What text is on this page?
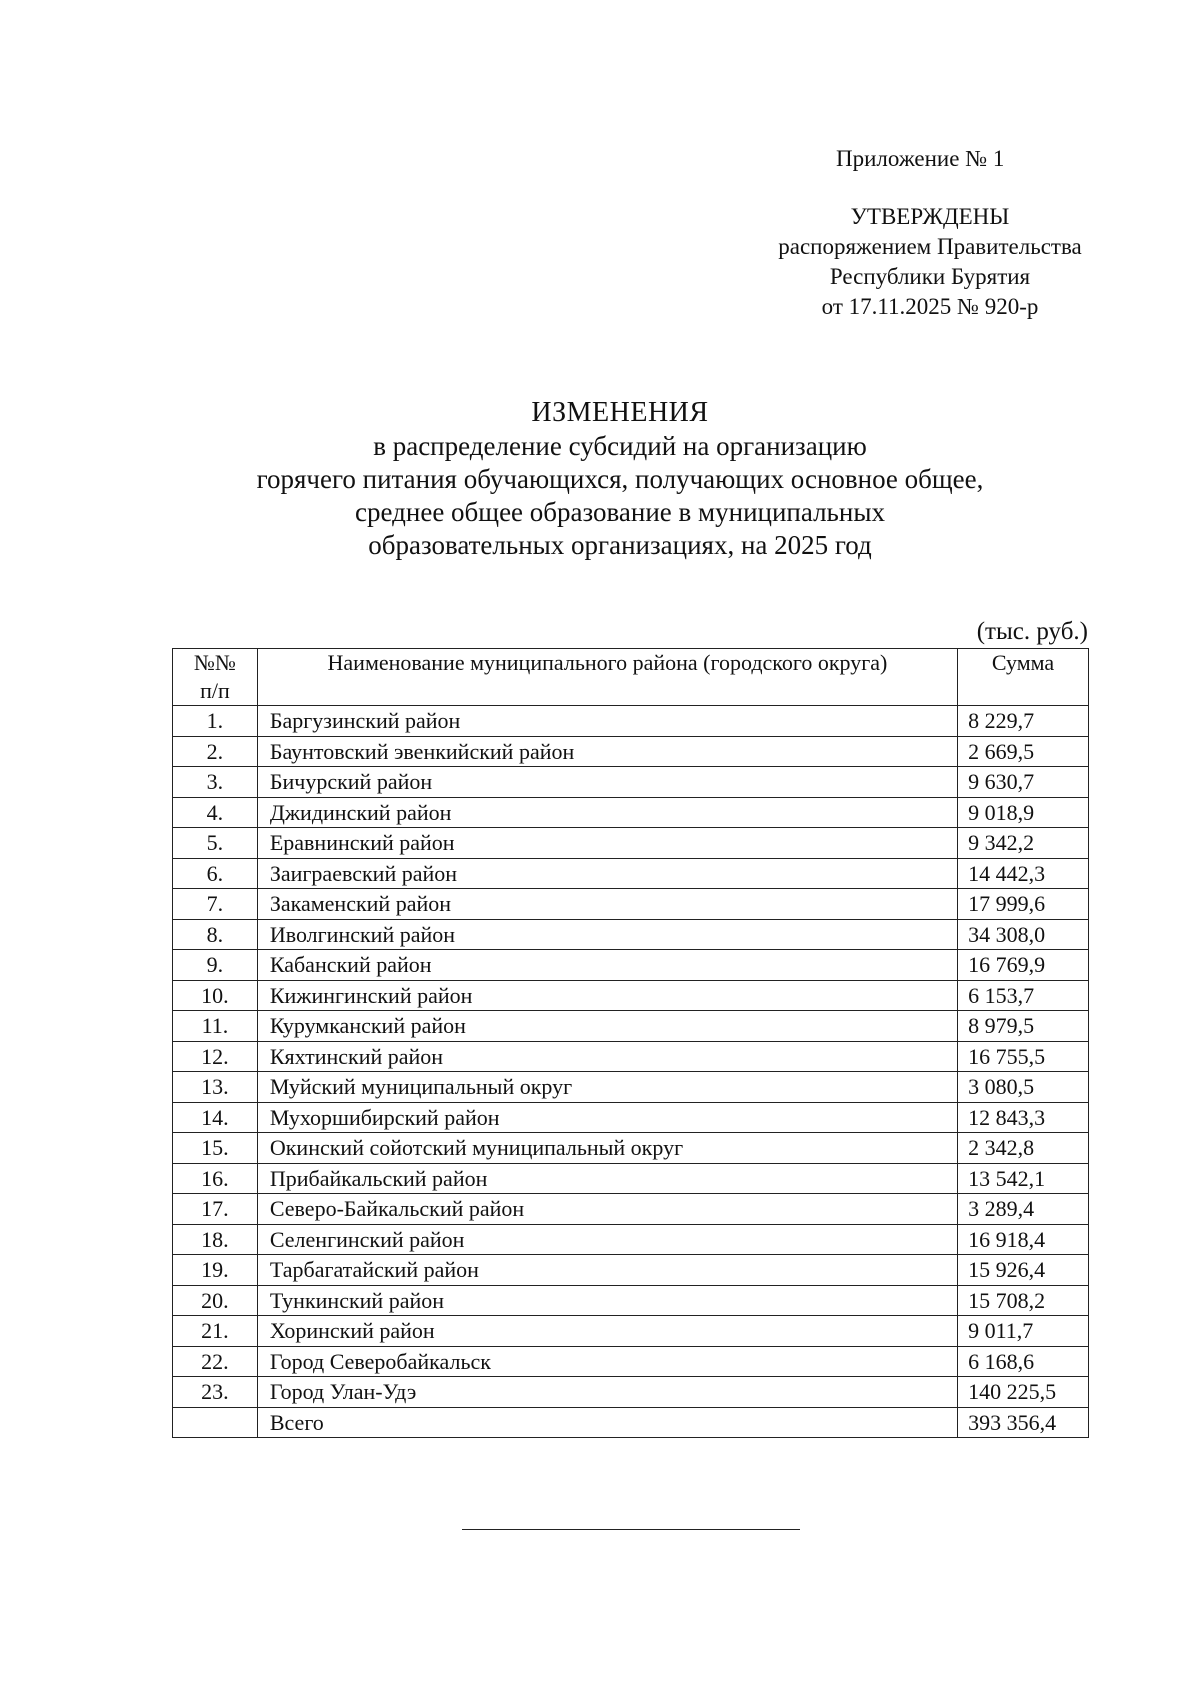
Приложение № 1
УТВЕРЖДЕНЫ
распоряжением Правительства
Республики Бурятия
от 17.11.2025 № 920-р
ИЗМЕНЕНИЯ
в распределение субсидий на организацию
горячего питания обучающихся, получающих основное общее,
среднее общее образование в муниципальных
образовательных организациях, на 2025 год
(тыс. руб.)
№№
п/п	Наименование муниципального района (городского округа)	Сумма
1.	Баргузинский район	8 229,7
2.	Баунтовский эвенкийский район	2 669,5
3.	Бичурский район	9 630,7
4.	Джидинский район	9 018,9
5.	Еравнинский район	9 342,2
6.	Заиграевский район	14 442,3
7.	Закаменский район	17 999,6
8.	Иволгинский район	34 308,0
9.	Кабанский район	16 769,9
10.	Кижингинский район	6 153,7
11.	Курумканский район	8 979,5
12.	Кяхтинский район	16 755,5
13.	Муйский муниципальный округ	3 080,5
14.	Мухоршибирский район	12 843,3
15.	Окинский сойотский муниципальный округ	2 342,8
16.	Прибайкальский район	13 542,1
17.	Северо-Байкальский район	3 289,4
18.	Селенгинский район	16 918,4
19.	Тарбагатайский район	15 926,4
20.	Тункинский район	15 708,2
21.	Хоринский район	9 011,7
22.	Город Северобайкальск	6 168,6
23.	Город Улан-Удэ	140 225,5
	Всего	393 356,4
